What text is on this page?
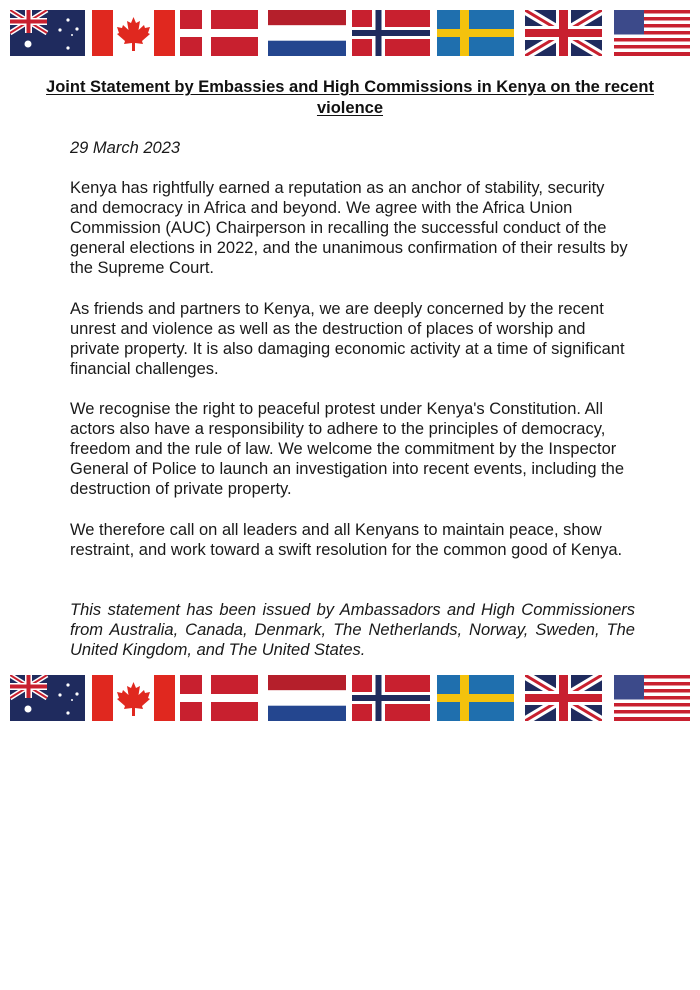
Joint Statement by Embassies and High Commissions in Kenya on the recent violence
29 March 2023
Kenya has rightfully earned a reputation as an anchor of stability, security and democracy in Africa and beyond. We agree with the Africa Union Commission (AUC) Chairperson in recalling the successful conduct of the general elections in 2022, and the unanimous confirmation of their results by the Supreme Court.
As friends and partners to Kenya, we are deeply concerned by the recent unrest and violence as well as the destruction of places of worship and private property. It is also damaging economic activity at a time of significant financial challenges.
We recognise the right to peaceful protest under Kenya's Constitution. All actors also have a responsibility to adhere to the principles of democracy, freedom and the rule of law. We welcome the commitment by the Inspector General of Police to launch an investigation into recent events, including the destruction of private property.
We therefore call on all leaders and all Kenyans to maintain peace, show restraint, and work toward a swift resolution for the common good of Kenya.
This statement has been issued by Ambassadors and High Commissioners from Australia, Canada, Denmark, The Netherlands, Norway, Sweden, The United Kingdom, and The United States.
